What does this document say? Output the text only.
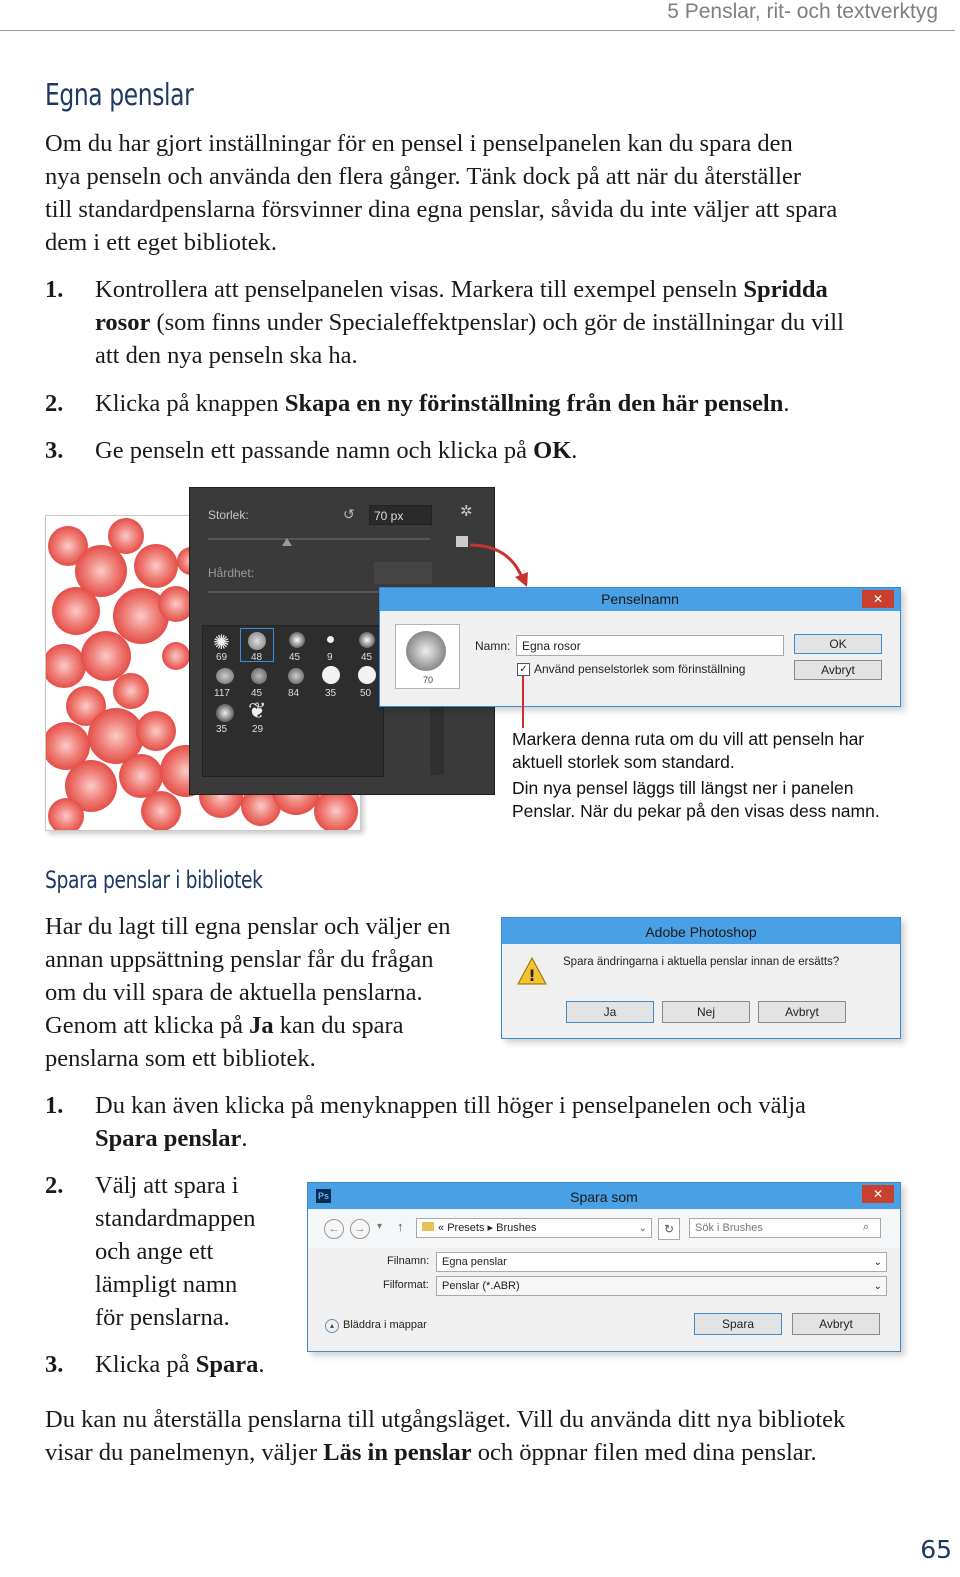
5 Penslar, rit- och textverktyg
Egna penslar

Om du har gjort inställningar för en pensel i penselpanelen kan du spara den

nya penseln och använda den flera gånger. Tänk dock på att när du återställer

till standardpenslarna försvinner dina egna penslar, såvida du inte väljer att spara

dem i ett eget bibliotek.

1. Kontrollera att penselpanelen visas. Markera till exempel penseln Spridda
rosor (som finns under Specialeffektpenslar) och gör de inställningar du vill
att den nya penseln ska ha.
2. Klicka på knappen Skapa en ny förinställning från den här penseln.
3. Ge penseln ett passande namn och klicka på OK.
Storlek:	↺	70 px	✲
Hårdhet:
✺
69 48	45	9	45
117 45	84	35 50
35
❦
29
Penselnamn	✕
70
Namn: Egna rosor
✓ Använd penselstorlek som förinställning
OK
Avbryt
Markera denna ruta om du vill att penseln har
aktuell storlek som standard.
Din nya pensel läggs till längst ner i panelen
Penslar. När du pekar på den visas dess namn.
Spara penslar i bibliotek

Har du lagt till egna penslar och väljer en

annan uppsättning penslar får du frågan

om du vill spara de aktuella penslarna.

Genom att klicka på Ja kan du spara

penslarna som ett bibliotek.

Adobe Photoshop
!
Spara ändringarna i aktuella penslar innan de ersätts?
Ja	Nej	Avbryt
1. Du kan även klicka på menyknappen till höger i penselpanelen och välja
Spara penslar.
2. Välj att spara i
standardmappen
och ange ett
lämpligt namn
för penslarna.
3. Klicka på Spara.
Spara som
Ps	✕
←	→	▾ ↑	« Presets ▸ Brushes	⌄	↻	Sök i Brushes	⌕
Filnamn:	Egna penslar	⌄
Filformat:	Penslar (*.ABR)	⌄
▴ Bläddra i mappar	Spara	Avbryt

Du kan nu återställa penslarna till utgångsläget. Vill du använda ditt nya bibliotek

visar du panelmenyn, väljer Läs in penslar och öppnar filen med dina penslar.

65
